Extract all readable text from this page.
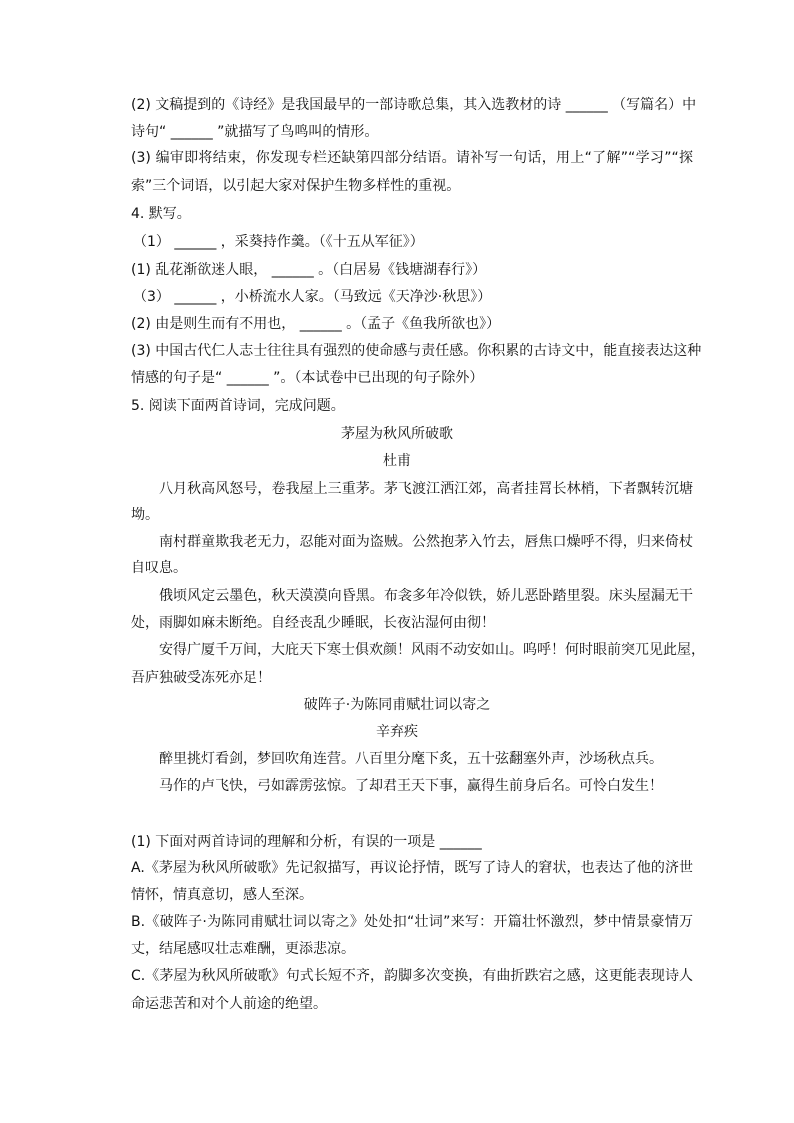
(2) 文稿提到的《诗经》是我国最早的一部诗歌总集，其入选教材的诗 ______ （写篇名）中
诗句“ ______ ”就描写了鸟鸣叫的情形。
(3) 编审即将结束，你发现专栏还缺第四部分结语。请补写一句话，用上“了解”“学习”“探
索”三个词语，以引起大家对保护生物多样性的重视。
4. 默写。
（1） ______ ，采葵持作羹。（《十五从军征》）
(1) 乱花渐欲迷人眼， ______ 。（白居易《钱塘湖春行》）
（3） ______ ，小桥流水人家。（马致远《天净沙·秋思》）
(2) 由是则生而有不用也， ______ 。（孟子《鱼我所欲也》）
(3) 中国古代仁人志士往往具有强烈的使命感与责任感。你积累的古诗文中，能直接表达这种
情感的句子是“ ______ ”。（本试卷中已出现的句子除外）
5. 阅读下面两首诗词，完成问题。
茅屋为秋风所破歌
杜甫
八月秋高风怒号，卷我屋上三重茅。茅飞渡江洒江郊，高者挂罥长林梢，下者飘转沉塘
坳。
南村群童欺我老无力，忍能对面为盗贼。公然抱茅入竹去，唇焦口燥呼不得，归来倚杖
自叹息。
俄顷风定云墨色，秋天漠漠向昏黑。布衾多年冷似铁，娇儿恶卧踏里裂。床头屋漏无干
处，雨脚如麻未断绝。自经丧乱少睡眠，长夜沾湿何由彻！
安得广厦千万间，大庇天下寒士俱欢颜！风雨不动安如山。呜呼！何时眼前突兀见此屋，
吾庐独破受冻死亦足！
破阵子·为陈同甫赋壮词以寄之
辛弃疾
醉里挑灯看剑，梦回吹角连营。八百里分麾下炙，五十弦翻塞外声，沙场秋点兵。
马作的卢飞快，弓如霹雳弦惊。了却君王天下事，赢得生前身后名。可怜白发生！
(1) 下面对两首诗词的理解和分析，有误的一项是 ______
A.《茅屋为秋风所破歌》先记叙描写，再议论抒情，既写了诗人的窘状，也表达了他的济世
情怀，情真意切，感人至深。
B.《破阵子·为陈同甫赋壮词以寄之》处处扣“壮词”来写：开篇壮怀激烈，梦中情景豪情万
丈，结尾感叹壮志难酬，更添悲凉。
C.《茅屋为秋风所破歌》句式长短不齐，韵脚多次变换，有曲折跌宕之感，这更能表现诗人
命运悲苦和对个人前途的绝望。
